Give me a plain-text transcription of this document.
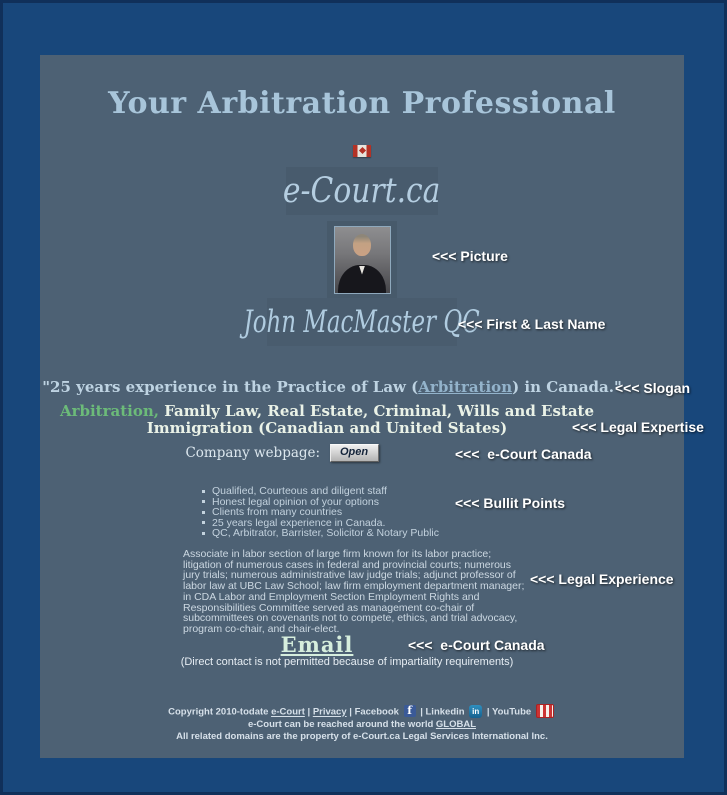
Your Arbitration Professional
e-Court.ca
<<< Picture
John MacMaster QC
<<< First & Last Name
"25 years experience in the Practice of Law (Arbitration) in Canada."
<<< Slogan
Arbitration, Family Law, Real Estate, Criminal, Wills and Estate
Immigration (Canadian and United States)	<<< Legal Expertise
Company webpage: Open	<<<  e-Court Canada
Qualified, Courteous and diligent staff
Honest legal opinion of your options
Clients from many countries
25 years legal experience in Canada.
QC, Arbitrator, Barrister, Solicitor & Notary Public
<<< Bullit Points
Associate in labor section of large firm known for its labor practice; litigation of numerous cases in federal and provincial courts; numerous jury trials; numerous administrative law judge trials; adjunct professor of labor law at UBC Law School; law firm employment department manager; in CDA Labor and Employment Section Employment Rights and Responsibilities Committee served as management co-chair of subcommittees on covenants not to compete, ethics, and trial advocacy, program co-chair, and chair-elect.
<<< Legal Experience
Email	<<<  e-Court Canada
(Direct contact is not permitted because of impartiality requirements)
Copyright 2010-todate e-Court | Privacy | Facebook f | Linkedin in | YouTube
e-Court can be reached around the world GLOBAL
All related domains are the property of e-Court.ca Legal Services International Inc.
